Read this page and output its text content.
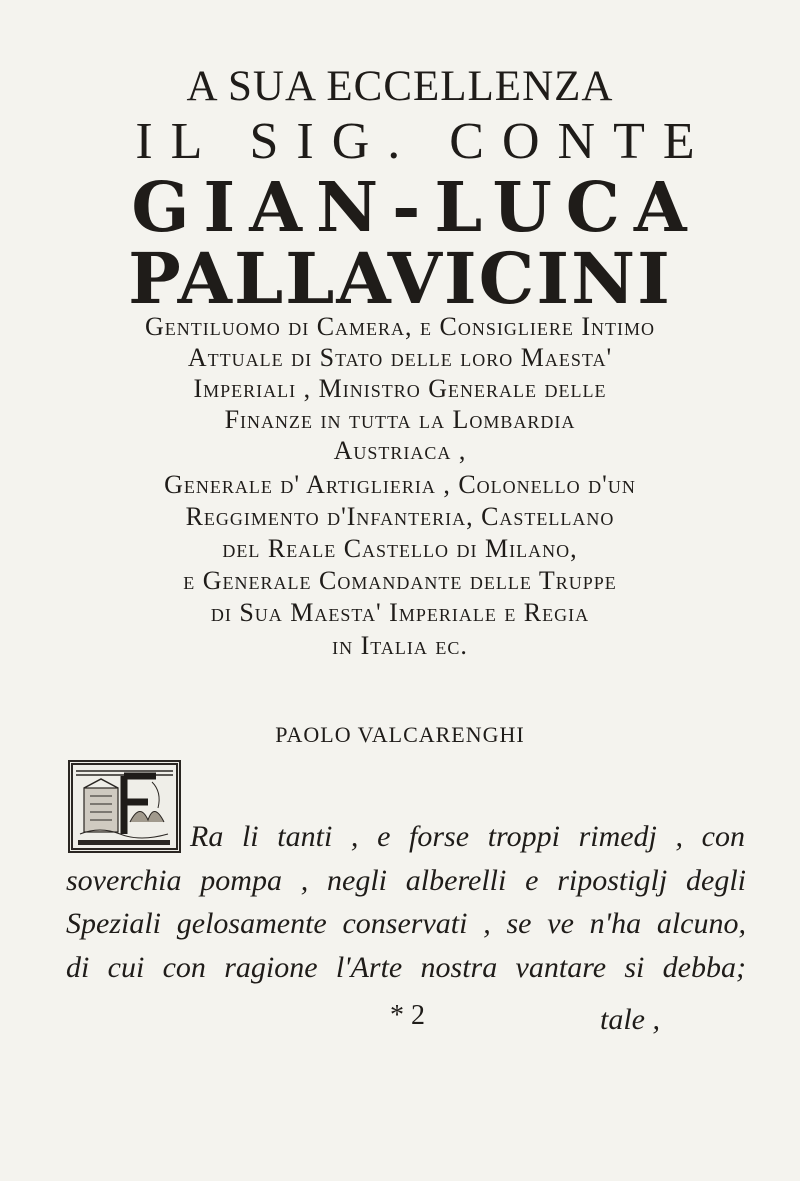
A SUA ECCELLENZA
IL SIG. CONTE
GIAN-LUCA
PALLAVICINI
Gentiluomo di Camera, e Consigliere Intimo
Attuale di Stato delle loro Maesta'
Imperiali , Ministro Generale delle
Finanze in tutta la Lombardia
Austriaca ,
Generale d' Artiglieria , Colonello d'un
Reggimento d'Infanteria, Castellano
del Reale Castello di Milano,
e Generale Comandante delle Truppe
di Sua Maesta' Imperiale e Regia
in Italia ec.
PAOLO VALCARENGHI
Ra li tanti , e forse troppi rimedj , con
soverchia pompa , negli alberelli e ripostiglj degli
Speziali gelosamente conservati , se ve n'ha alcuno,
di cui con ragione l'Arte nostra vantare si debba;
* 2	tale ,
